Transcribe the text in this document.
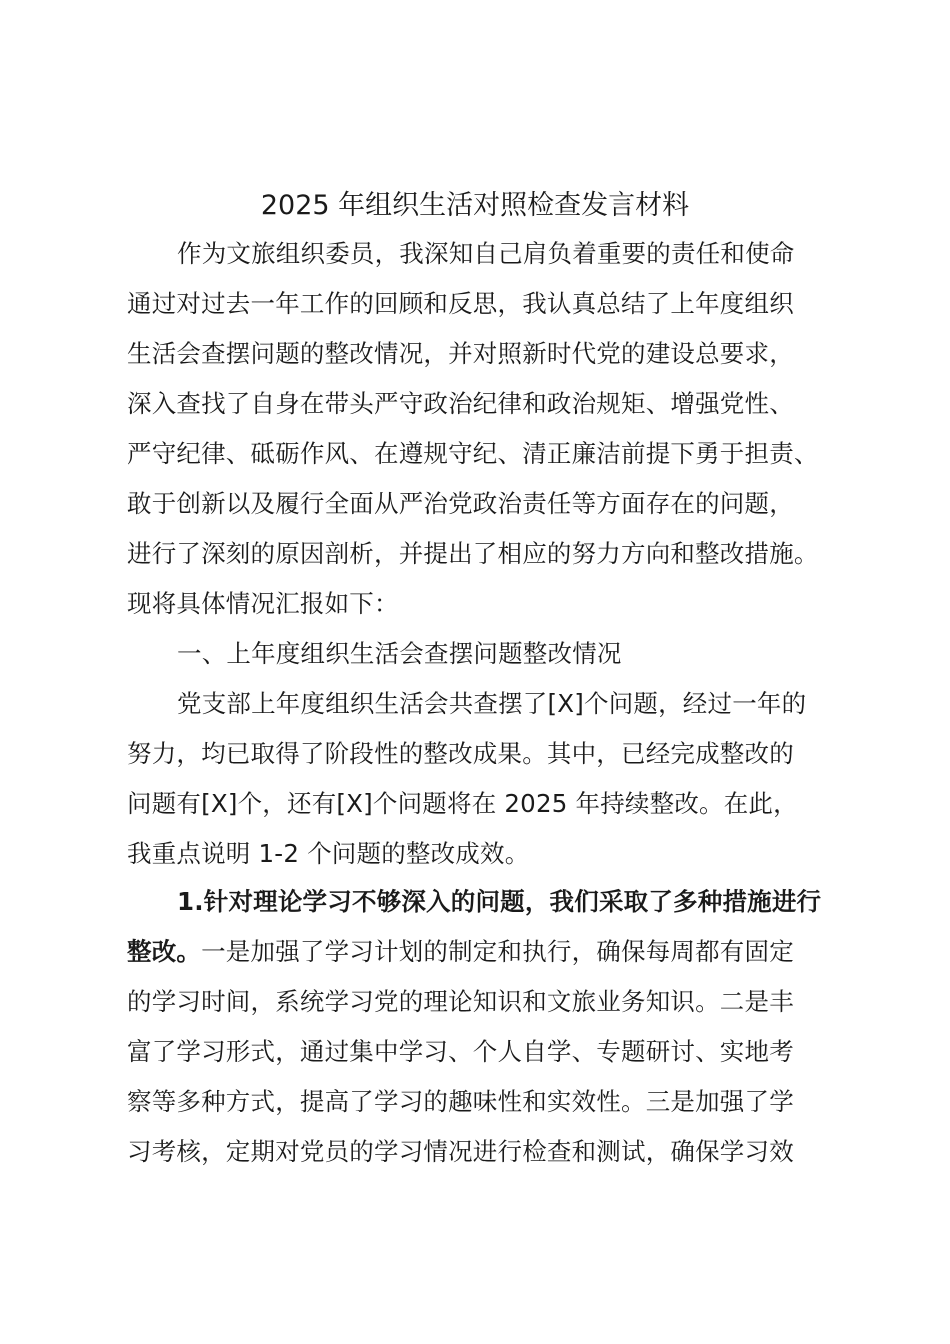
2025 年组织生活对照检查发言材料
作为文旅组织委员，我深知自己肩负着重要的责任和使命
通过对过去一年工作的回顾和反思，我认真总结了上年度组织
生活会查摆问题的整改情况，并对照新时代党的建设总要求，
深入查找了自身在带头严守政治纪律和政治规矩、增强党性、
严守纪律、砥砺作风、在遵规守纪、清正廉洁前提下勇于担责、
敢于创新以及履行全面从严治党政治责任等方面存在的问题，
进行了深刻的原因剖析，并提出了相应的努力方向和整改措施。
现将具体情况汇报如下：
一、上年度组织生活会查摆问题整改情况
党支部上年度组织生活会共查摆了[X]个问题，经过一年的
努力，均已取得了阶段性的整改成果。其中，已经完成整改的
问题有[X]个，还有[X]个问题将在 2025 年持续整改。在此，
我重点说明 1-2 个问题的整改成效。
1.针对理论学习不够深入的问题，我们采取了多种措施进行
整改。一是加强了学习计划的制定和执行，确保每周都有固定
的学习时间，系统学习党的理论知识和文旅业务知识。二是丰
富了学习形式，通过集中学习、个人自学、专题研讨、实地考
察等多种方式，提高了学习的趣味性和实效性。三是加强了学
习考核，定期对党员的学习情况进行检查和测试，确保学习效
